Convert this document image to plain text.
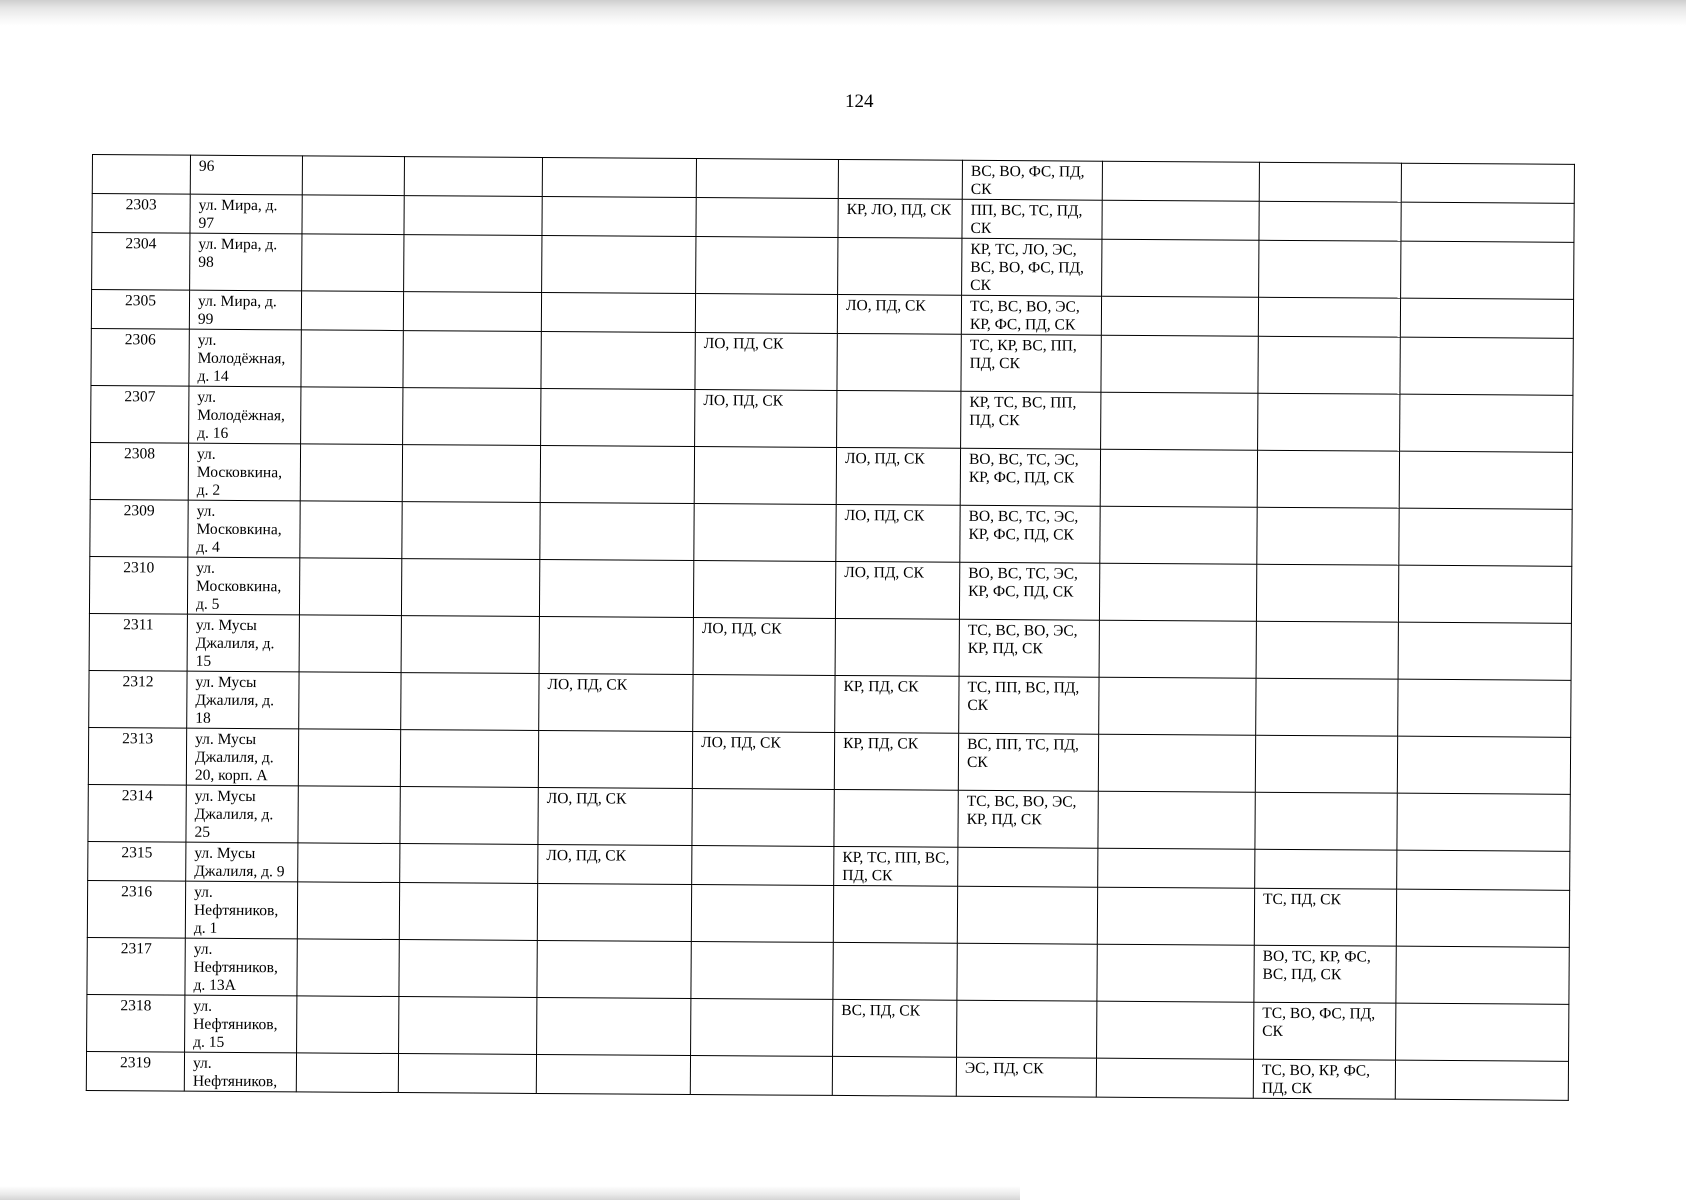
124
	96						ВС, ВО, ФС, ПД, СК			
2303	ул. Мира, д. 97					КР, ЛО, ПД, СК	ПП, ВС, ТС, ПД, СК			
2304	ул. Мира, д. 98						КР, ТС, ЛО, ЭС, ВС, ВО, ФС, ПД, СК			
2305	ул. Мира, д. 99					ЛО, ПД, СК	ТС, ВС, ВО, ЭС, КР, ФС, ПД, СК			
2306	ул. Молодёжная, д. 14				ЛО, ПД, СК		ТС, КР, ВС, ПП, ПД, СК			
2307	ул. Молодёжная, д. 16				ЛО, ПД, СК		КР, ТС, ВС, ПП, ПД, СК			
2308	ул. Московкина, д. 2					ЛО, ПД, СК	ВО, ВС, ТС, ЭС, КР, ФС, ПД, СК			
2309	ул. Московкина, д. 4					ЛО, ПД, СК	ВО, ВС, ТС, ЭС, КР, ФС, ПД, СК			
2310	ул. Московкина, д. 5					ЛО, ПД, СК	ВО, ВС, ТС, ЭС, КР, ФС, ПД, СК			
2311	ул. Мусы Джалиля, д. 15				ЛО, ПД, СК		ТС, ВС, ВО, ЭС, КР, ПД, СК			
2312	ул. Мусы Джалиля, д. 18			ЛО, ПД, СК		КР, ПД, СК	ТС, ПП, ВС, ПД, СК			
2313	ул. Мусы Джалиля, д. 20, корп. А				ЛО, ПД, СК	КР, ПД, СК	ВС, ПП, ТС, ПД, СК			
2314	ул. Мусы Джалиля, д. 25			ЛО, ПД, СК			ТС, ВС, ВО, ЭС, КР, ПД, СК			
2315	ул. Мусы Джалиля, д. 9			ЛО, ПД, СК		КР, ТС, ПП, ВС, ПД, СК				
2316	ул. Нефтяников, д. 1								ТС, ПД, СК	
2317	ул. Нефтяников, д. 13А								ВО, ТС, КР, ФС, ВС, ПД, СК	
2318	ул. Нефтяников, д. 15					ВС, ПД, СК			ТС, ВО, ФС, ПД, СК	
2319	ул. Нефтяников,						ЭС, ПД, СК		ТС, ВО, КР, ФС, ПД, СК	
